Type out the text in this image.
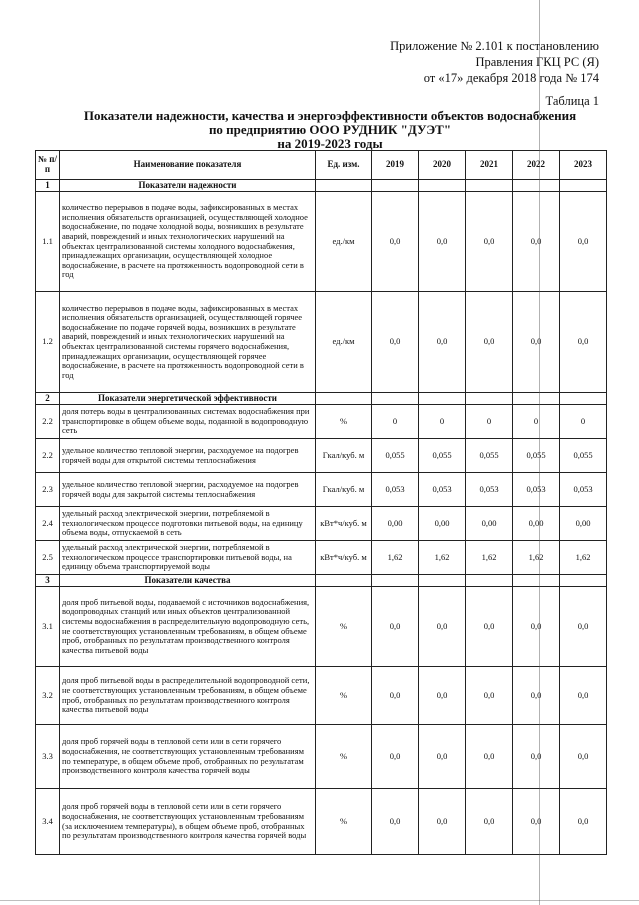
Приложение № 2.101 к постановлению
Правления ГКЦ РС (Я)
от «17» декабря 2018 года № 174
Таблица 1
Показатели надежности, качества и энергоэффективности объектов водоснабжения
по предприятию ООО РУДНИК "ДУЭТ"
на 2019-2023 годы
№ п/п	Наименование показателя	Ед. изм.	2019	2020	2021	2022	2023
1	Показатели надежности						
1.1	количество перерывов в подаче воды, зафиксированных в местах исполнения обязательств организацией, осуществляющей холодное водоснабжение, по подаче холодной воды, возникших в результате аварий, повреждений и иных технологических нарушений на объектах централизованной системы холодного водоснабжения, принадлежащих организации, осуществляющей холодное водоснабжение, в расчете на протяженность водопроводной сети в год	ед./км	0,0	0,0	0,0	0,0	0,0
1.2	количество перерывов в подаче воды, зафиксированных в местах исполнения обязательств организацией, осуществляющей горячее водоснабжение по подаче горячей воды, возникших в результате аварий, повреждений и иных технологических нарушений на объектах централизованной системы горячего водоснабжения, принадлежащих организации, осуществляющей горячее водоснабжение, в расчете на протяженность водопроводной сети в год	ед./км	0,0	0,0	0,0	0,0	0,0
2	Показатели энергетической эффективности						
2.2	доля потерь воды в централизованных системах водоснабжения при транспортировке в общем объеме воды, поданной в водопроводную сеть	%	0	0	0	0	0
2.2	удельное количество тепловой энергии, расходуемое на подогрев горячей воды для открытой системы теплоснабжения	Гкал/куб. м	0,055	0,055	0,055	0,055	0,055
2.3	удельное количество тепловой энергии, расходуемое на подогрев горячей воды для закрытой системы теплоснабжения	Гкал/куб. м	0,053	0,053	0,053	0,053	0,053
2.4	удельный расход электрической энергии, потребляемой в технологическом процессе подготовки питьевой воды, на единицу объема воды, отпускаемой в сеть	кВт*ч/куб. м	0,00	0,00	0,00	0,00	0,00
2.5	удельный расход электрической энергии, потребляемой в технологическом процессе транспортировки питьевой воды, на единицу объема транспортируемой воды	кВт*ч/куб. м	1,62	1,62	1,62	1,62	1,62
3	Показатели качества						
3.1	доля проб питьевой воды, подаваемой с источников водоснабжения, водопроводных станций или иных объектов централизованной системы водоснабжения в распределительную водопроводную сеть, не соответствующих установленным требованиям, в общем объеме проб, отобранных по результатам производственного контроля качества питьевой воды	%	0,0	0,0	0,0	0,0	0,0
3.2	доля проб питьевой воды в распределительной водопроводной сети, не соответствующих установленным требованиям, в общем объеме проб, отобранных по результатам производственного контроля качества питьевой воды	%	0,0	0,0	0,0	0,0	0,0
3.3	доля проб горячей воды в тепловой сети или в сети горячего водоснабжения, не соответствующих установленным требованиям по температуре, в общем объеме проб, отобранных по результатам производственного контроля качества горячей воды	%	0,0	0,0	0,0	0,0	0,0
3.4	доля проб горячей воды в тепловой сети или в сети горячего водоснабжения, не соответствующих установленным требованиям (за исключением температуры), в общем объеме проб, отобранных по результатам производственного контроля качества горячей воды	%	0,0	0,0	0,0	0,0	0,0
